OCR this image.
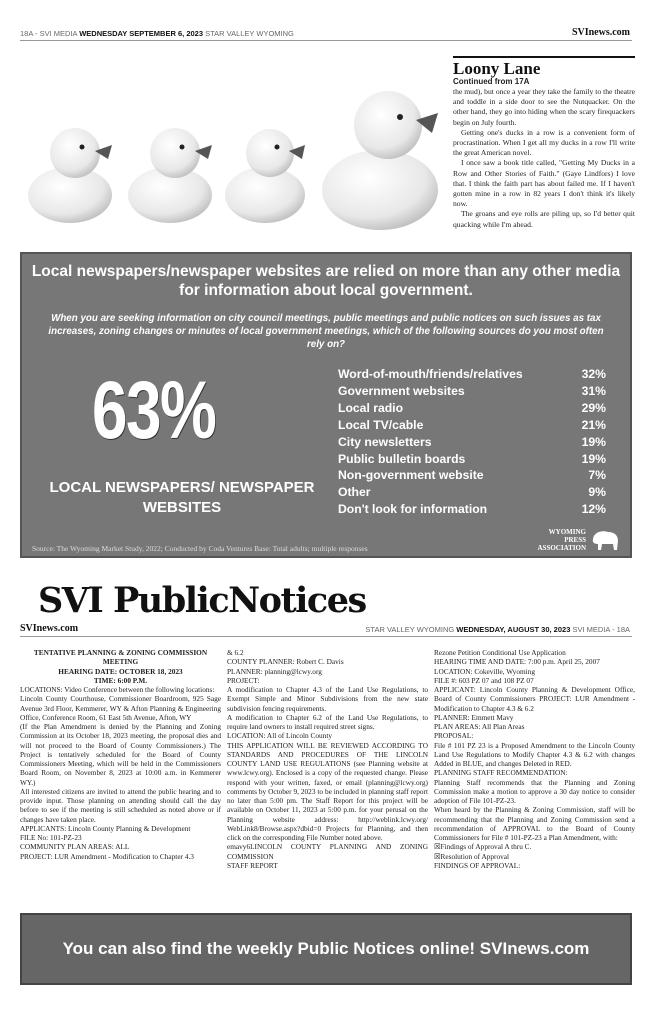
18A - SVI MEDIA WEDNESDAY SEPTEMBER 6, 2023 STAR VALLEY WYOMING	SVInews.com
Loony Lane
Continued from 17A

the mud), but once a year they take the family to the theatre and toddle in a side door to see the Nutquacker. On the other hand, they go into hiding when the scary firequackers begin on July fourth.

Getting one's ducks in a row is a convenient form of procrastination. When I get all my ducks in a row I'll write the great American novel.

I once saw a book title called, "Getting My Ducks in a Row and Other Stories of Faith." (Gaye Lindfors) I love that. I think the faith part has about failed me. If I haven't gotten mine in a row in 82 years I don't think it's likely now.

The groans and eye rolls are piling up, so I'd better quit quacking while I'm ahead.

Local newspapers/newspaper websites are relied on more than any other media for information about local government.
When you are seeking information on city council meetings, public meetings and public notices on such issues as tax increases, zoning changes or minutes of local government meetings, which of the following sources do you most often rely on?
63%
LOCAL NEWSPAPERS/ NEWSPAPER WEBSITES
Word-of-mouth/friends/relatives	32%
Government websites	31%
Local radio	29%
Local TV/cable	21%
City newsletters	19%
Public bulletin boards	19%
Non-government website	7%
Other	9%
Don't look for information	12%
Source: The Wyoming Market Study, 2022; Conducted by Coda Ventures Base: Total adults; multiple responses
WYOMING
PRESS
ASSOCIATION
SVI PublicNotices
SVInews.com	STAR VALLEY WYOMING WEDNESDAY, AUGUST 30, 2023 SVI MEDIA - 18A
TENTATIVE PLANNING & ZONING COMMISSION MEETING
HEARING DATE: OCTOBER 18, 2023
TIME: 6:00 P.M.
LOCATIONS: Video Conference between the following locations:
Lincoln County Courthouse, Commissioner Boardroom, 925 Sage Avenue 3rd Floor, Kemmerer, WY & Afton Planning & Engineering Office, Conference Room, 61 East 5th Avenue, Afton, WY
(If the Plan Amendment is denied by the Planning and Zoning Commission at its October 18, 2023 meeting, the proposal dies and will not proceed to the Board of County Commissioners.) The Project is tentatively scheduled for the Board of County Commissioners Meeting, which will be held in the Commissioners Board Room, on November 8, 2023 at 10:00 a.m. in Kemmerer WY.)
All interested citizens are invited to attend the public hearing and to provide input. Those planning on attending should call the day before to see if the meeting is still scheduled as noted above or if changes have taken place.
APPLICANTS: Lincoln County Planning & Development
FILE No: 101-PZ-23
COMMUNITY PLAN AREAS: ALL
PROJECT: LUR Amendment - Modification to Chapter 4.3
& 6.2
COUNTY PLANNER: Robert C. Davis
PLANNER: planning@lcwy.org
PROJECT:
A modification to Chapter 4.3 of the Land Use Regulations, to Exempt Simple and Minor Subdivisions from the new state subdivision fencing requirements.
A modification to Chapter 6.2 of the Land Use Regulations, to require land owners to install required street signs.
LOCATION: All of Lincoln County
THIS APPLICATION WILL BE REVIEWED ACCORDING TO STANDARDS AND PROCEDURES OF THE LINCOLN COUNTY LAND USE REGULATIONS (see Planning website at www.lcwy.org). Enclosed is a copy of the requested change. Please respond with your written, faxed, or email (planning@lcwy.org) comments by October 9, 2023 to be included in planning staff report no later than 5:00 pm. The Staff Report for this project will be available on October 11, 2023 at 5:00 p.m. for your perusal on the Planning website address: http://weblink.lcwy.org/ WebLink8/Browse.aspx?dbid=0 Projects for Planning, and then click on the corresponding File Number noted above.
emavy6LINCOLN COUNTY PLANNING AND ZONING COMMISSION
STAFF REPORT
Rezone Petition Conditional Use Application
HEARING TIME AND DATE: 7:00 p.m. April 25, 2007
LOCATION: Cokeville, Wyoming
FILE #: 603 PZ 07 and 108 PZ 07
APPLICANT: Lincoln County Planning & Development Office, Board of County Commissioners PROJECT: LUR Amendment - Modification to Chapter 4.3 & 6.2
PLANNER: Emmett Mavy
PLAN AREAS: All Plan Areas
PROPOSAL:
File # 101 PZ 23 is a Proposed Amendment to the Lincoln County Land Use Regulations to Modify Chapter 4.3 & 6.2 with changes Added in BLUE, and changes Deleted in RED.
PLANNING STAFF RECOMMENDATION:
Planning Staff recommends that the Planning and Zoning Commission make a motion to approve a 30 day notice to consider adoption of File 101-PZ-23.
When heard by the Planning & Zoning Commission, staff will be recommending that the Planning and Zoning Commission send a recommendation of APPROVAL to the Board of County Commissioners for File # 101-PZ-23 a Plan Amendment, with:
☒Findings of Approval A thru C.
☒Resolution of Approval
FINDINGS OF APPROVAL:
You can also find the weekly Public Notices online! SVInews.com
